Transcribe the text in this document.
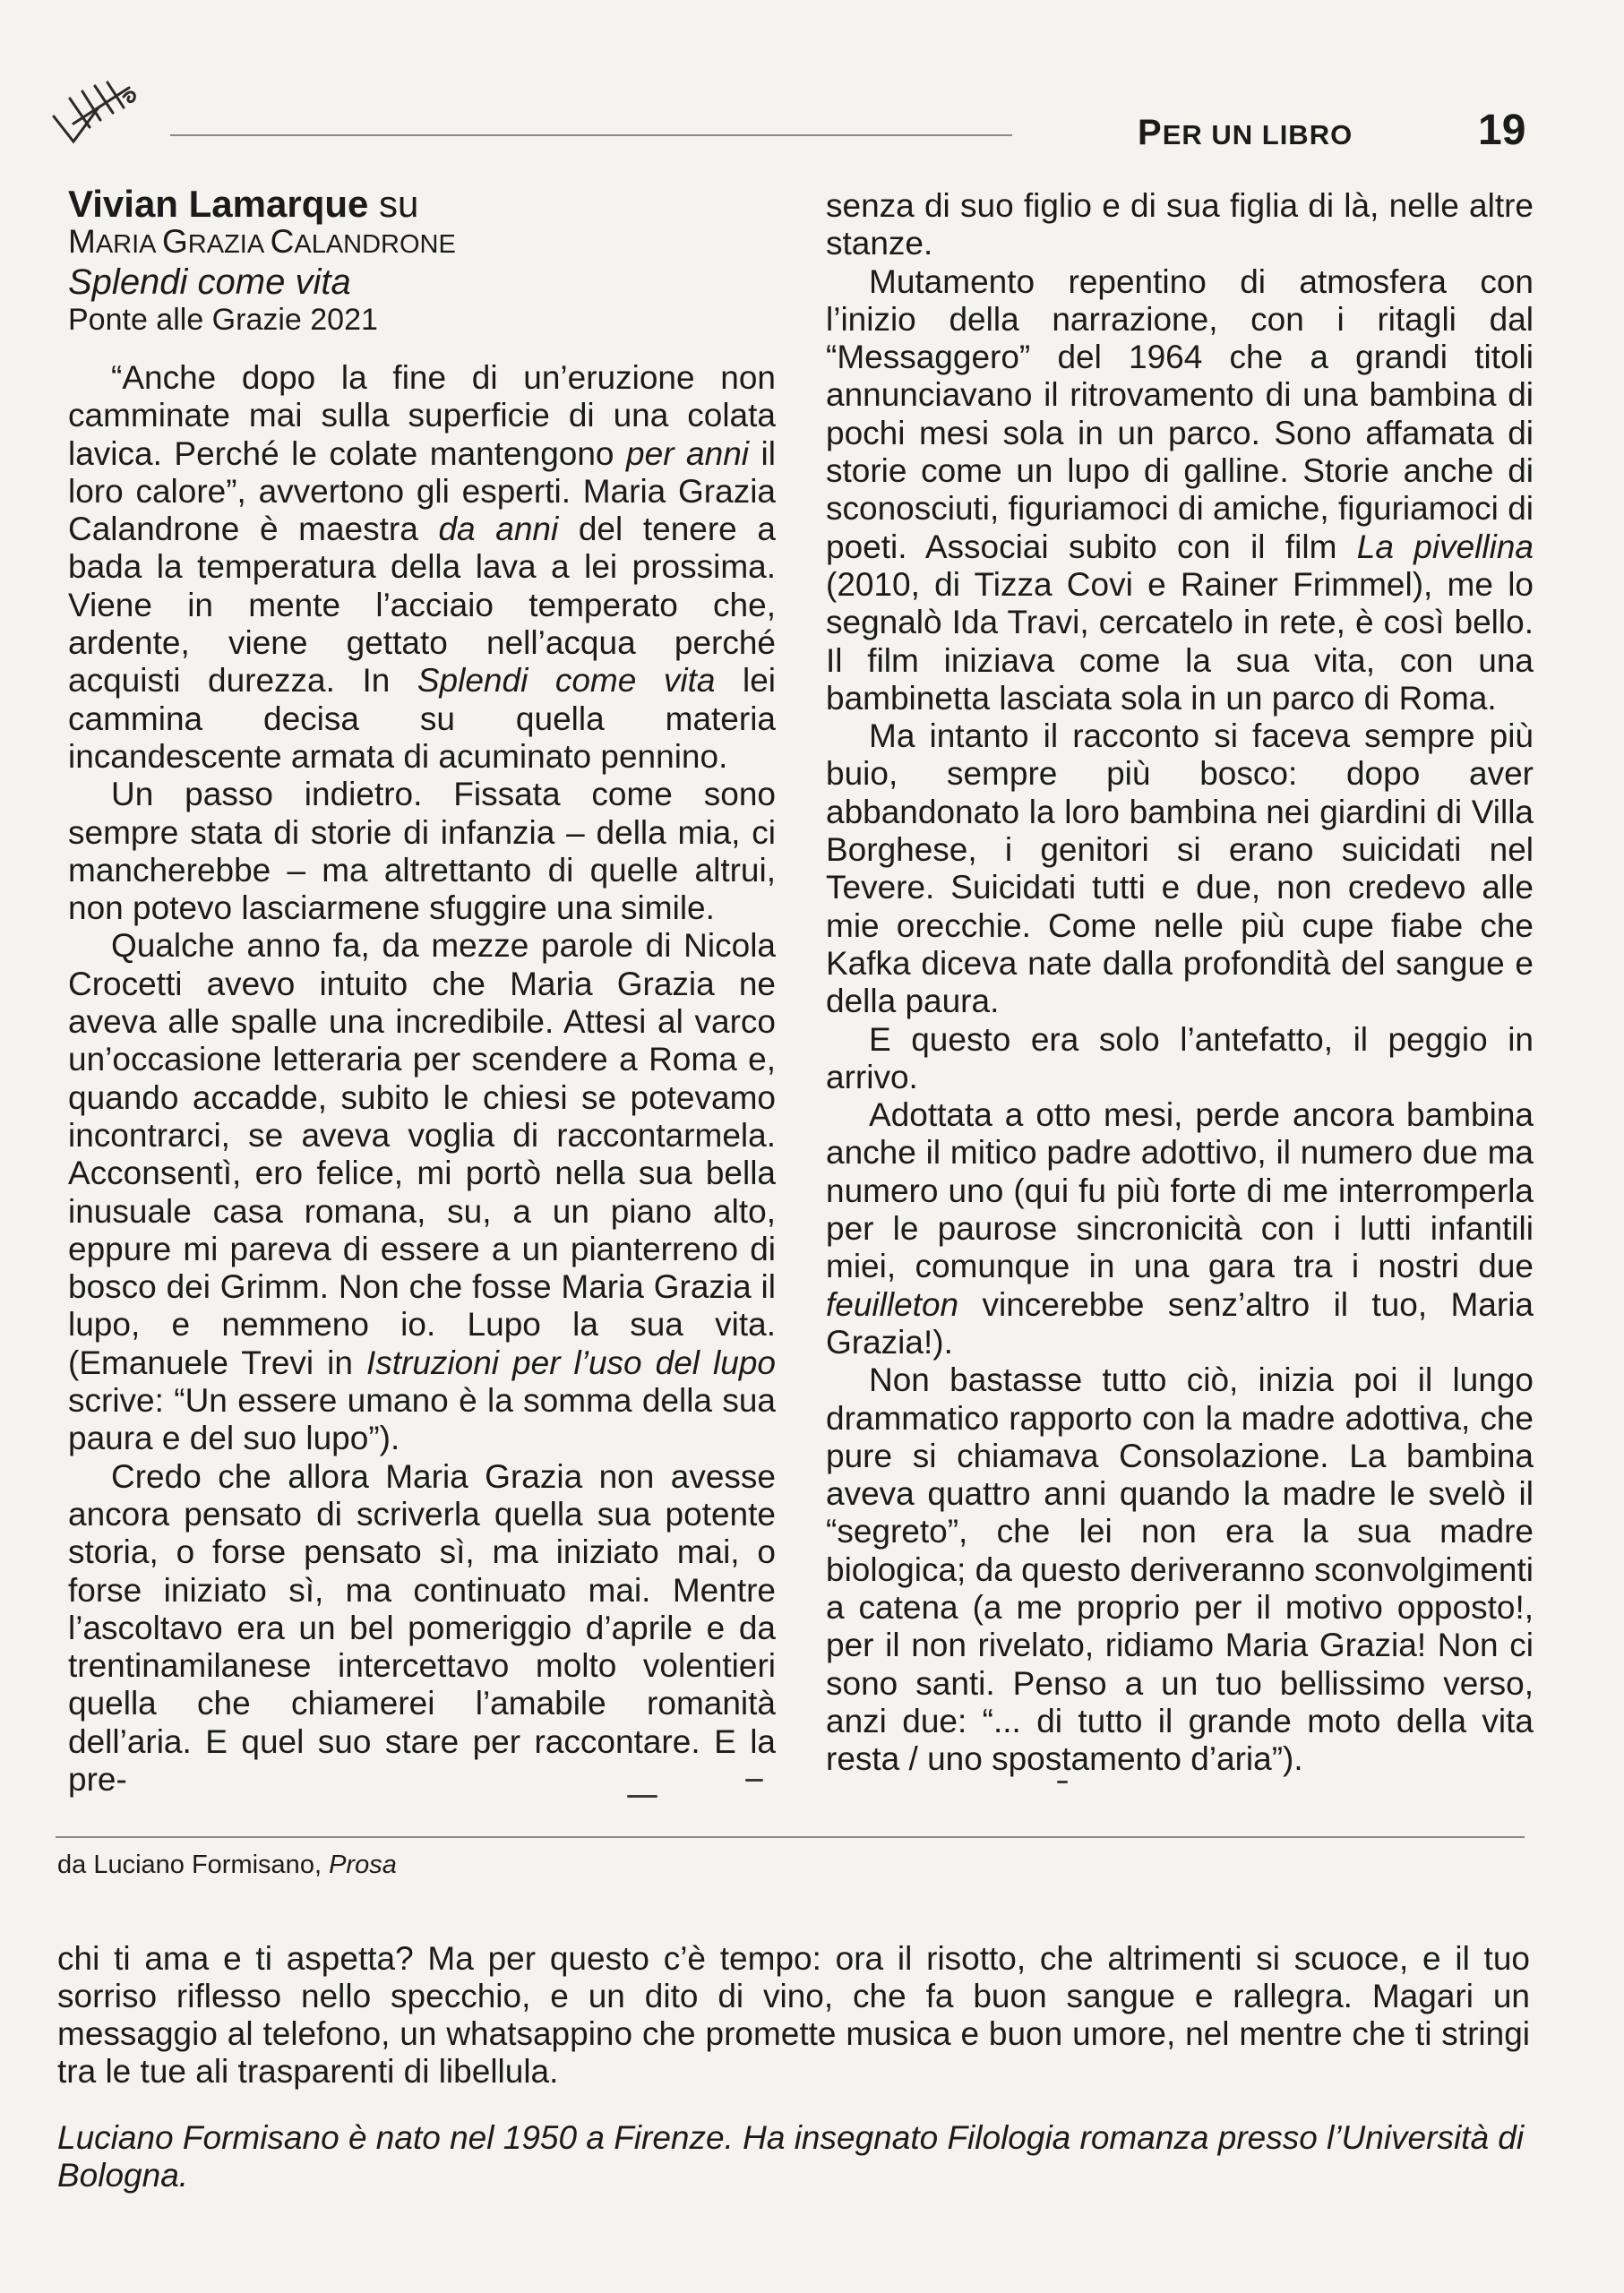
PER UN LIBRO	19
Vivian Lamarque su
MARIA GRAZIA CALANDRONE
Splendi come vita
Ponte alle Grazie 2021

“Anche dopo la fine di un’eruzione non camminate mai sulla superficie di una colata lavica. Perché le colate mantengono per anni il loro calore”, avvertono gli esperti. Maria Grazia Calandrone è maestra da anni del tenere a bada la temperatura della lava a lei prossima. Viene in mente l’acciaio temperato che, ardente, viene gettato nell’acqua perché acquisti durezza. In Splendi come vita lei cammina decisa su quella materia incandescente armata di acuminato pennino.

Un passo indietro. Fissata come sono sempre stata di storie di infanzia – della mia, ci mancherebbe – ma altrettanto di quelle altrui, non potevo lasciarmene sfuggire una simile.

Qualche anno fa, da mezze parole di Nicola Crocetti avevo intuito che Maria Grazia ne aveva alle spalle una incredibile. Attesi al varco un’occasione letteraria per scendere a Roma e, quando accadde, subito le chiesi se potevamo incontrarci, se aveva voglia di raccontarmela. Acconsentì, ero felice, mi portò nella sua bella inusuale casa romana, su, a un piano alto, eppure mi pareva di essere a un pianterreno di bosco dei Grimm. Non che fosse Maria Grazia il lupo, e nemmeno io. Lupo la sua vita. (Emanuele Trevi in Istruzioni per l’uso del lupo scrive: “Un essere umano è la somma della sua paura e del suo lupo”).

Credo che allora Maria Grazia non avesse ancora pensato di scriverla quella sua potente storia, o forse pensato sì, ma iniziato mai, o forse iniziato sì, ma continuato mai. Mentre l’ascoltavo era un bel pomeriggio d’aprile e da trentinamilanese intercettavo molto volentieri quella che chiamerei l’amabile romanità dell’aria. E quel suo stare per raccontare. E la pre-

senza di suo figlio e di sua figlia di là, nelle altre stanze.

Mutamento repentino di atmosfera con l’inizio della narrazione, con i ritagli dal “Messaggero” del 1964 che a grandi titoli annunciavano il ritrovamento di una bambina di pochi mesi sola in un parco. Sono affamata di storie come un lupo di galline. Storie anche di sconosciuti, figuriamoci di amiche, figuriamoci di poeti. Associai subito con il film La pivellina (2010, di Tizza Covi e Rainer Frimmel), me lo segnalò Ida Travi, cercatelo in rete, è così bello. Il film iniziava come la sua vita, con una bambinetta lasciata sola in un parco di Roma.

Ma intanto il racconto si faceva sempre più buio, sempre più bosco: dopo aver abbandonato la loro bambina nei giardini di Villa Borghese, i genitori si erano suicidati nel Tevere. Suicidati tutti e due, non credevo alle mie orecchie. Come nelle più cupe fiabe che Kafka diceva nate dalla profondità del sangue e della paura.

E questo era solo l’antefatto, il peggio in arrivo.

Adottata a otto mesi, perde ancora bambina anche il mitico padre adottivo, il numero due ma numero uno (qui fu più forte di me interromperla per le paurose sincronicità con i lutti infantili miei, comunque in una gara tra i nostri due feuilleton vincerebbe senz’altro il tuo, Maria Grazia!).

Non bastasse tutto ciò, inizia poi il lungo drammatico rapporto con la madre adottiva, che pure si chiamava Consolazione. La bambina aveva quattro anni quando la madre le svelò il “segreto”, che lei non era la sua madre biologica; da questo deriveranno sconvolgimenti a catena (a me proprio per il motivo opposto!, per il non rivelato, ridiamo Maria Grazia! Non ci sono santi. Penso a un tuo bellissimo verso, anzi due: “... di tutto il grande moto della vita resta / uno spostamento d’aria”).

da Luciano Formisano, Prosa

chi ti ama e ti aspetta? Ma per questo c’è tempo: ora il risotto, che altrimenti si scuoce, e il tuo sorriso riflesso nello specchio, e un dito di vino, che fa buon sangue e rallegra. Magari un messaggio al telefono, un whatsappino che promette musica e buon umore, nel mentre che ti stringi tra le tue ali trasparenti di libellula.

Luciano Formisano è nato nel 1950 a Firenze. Ha insegnato Filologia romanza presso l’Università di Bologna.
